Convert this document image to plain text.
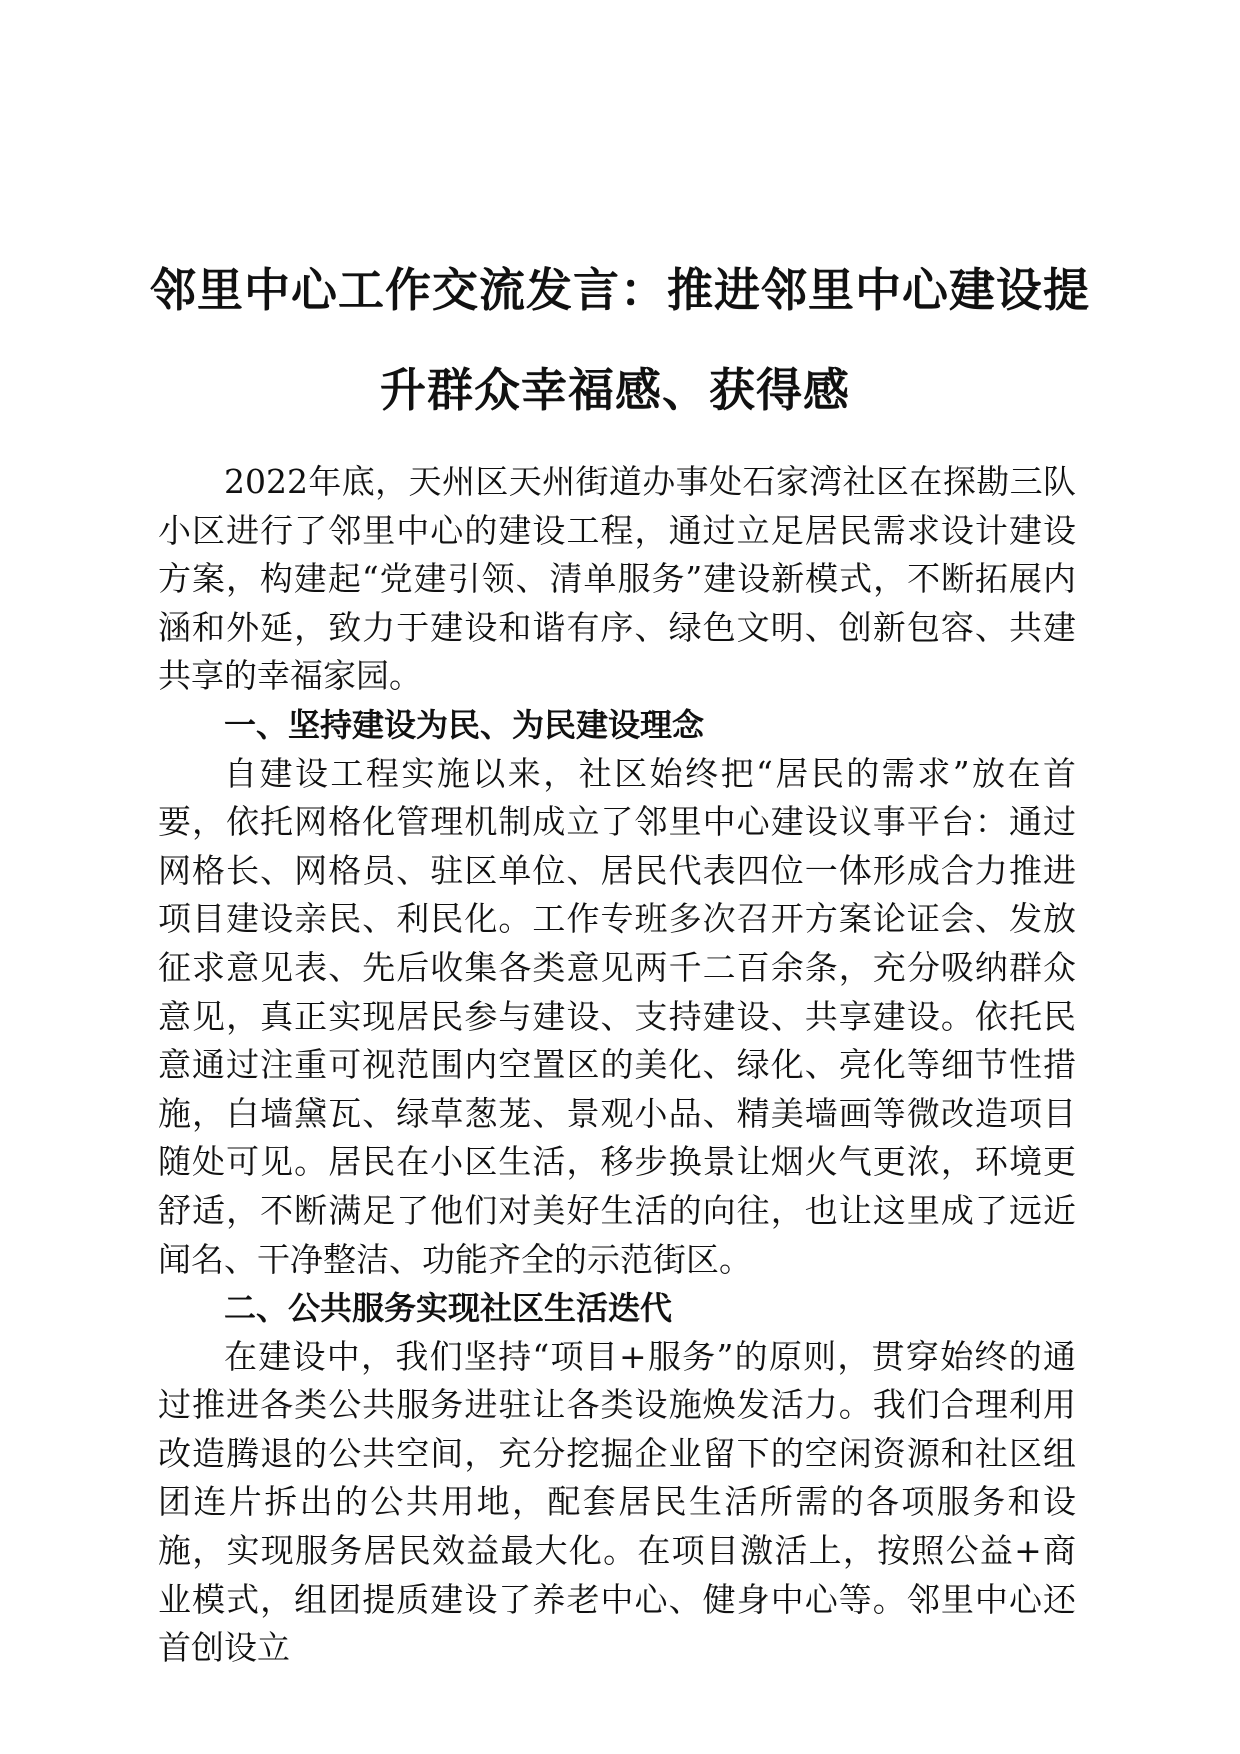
邻里中心工作交流发言：推进邻里中心建设提
升群众幸福感、获得感

2022年底，天州区天州街道办事处石家湾社区在探勘三队小区进行了邻里中心的建设工程，通过立足居民需求设计建设方案，构建起“党建引领、清单服务”建设新模式，不断拓展内涵和外延，致力于建设和谐有序、绿色文明、创新包容、共建共享的幸福家园。

一、坚持建设为民、为民建设理念

自建设工程实施以来，社区始终把“居民的需求”放在首要，依托网格化管理机制成立了邻里中心建设议事平台：通过网格长、网格员、驻区单位、居民代表四位一体形成合力推进项目建设亲民、利民化。工作专班多次召开方案论证会、发放征求意见表、先后收集各类意见两千二百余条，充分吸纳群众意见，真正实现居民参与建设、支持建设、共享建设。依托民意通过注重可视范围内空置区的美化、绿化、亮化等细节性措施，白墙黛瓦、绿草葱茏、景观小品、精美墙画等微改造项目随处可见。居民在小区生活，移步换景让烟火气更浓，环境更舒适，不断满足了他们对美好生活的向往，也让这里成了远近闻名、干净整洁、功能齐全的示范街区。

二、公共服务实现社区生活迭代

在建设中，我们坚持“项目+服务”的原则，贯穿始终的通过推进各类公共服务进驻让各类设施焕发活力。我们合理利用改造腾退的公共空间，充分挖掘企业留下的空闲资源和社区组团连片拆出的公共用地，配套居民生活所需的各项服务和设施，实现服务居民效益最大化。在项目激活上，按照公益+商业模式，组团提质建设了养老中心、健身中心等。邻里中心还首创设立
